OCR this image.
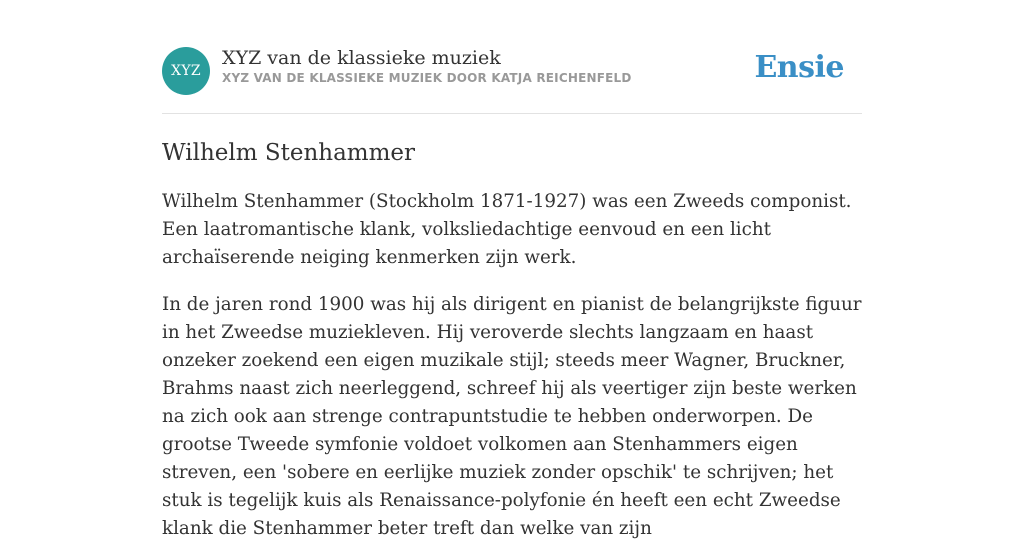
XYZ
XYZ van de klassieke muziek
XYZ VAN DE KLASSIEKE MUZIEK DOOR KATJA REICHENFELD	Ensie
Wilhelm Stenhammer

Wilhelm Stenhammer (Stockholm 1871-1927) was een Zweeds componist. Een laatromantische klank, volksliedachtige eenvoud en een licht archaïserende neiging kenmerken zijn werk.

In de jaren rond 1900 was hij als dirigent en pianist de belangrijkste figuur in het Zweedse muziekleven. Hij veroverde slechts langzaam en haast onzeker zoekend een eigen muzikale stijl; steeds meer Wagner, Bruckner, Brahms naast zich neerleggend, schreef hij als veertiger zijn beste werken na zich ook aan strenge contrapuntstudie te hebben onderworpen. De grootse Tweede symfonie voldoet volkomen aan Stenhammers eigen streven, een 'sobere en eerlijke muziek zonder opschik' te schrijven; het stuk is tegelijk kuis als Renaissance-polyfonie én heeft een echt Zweedse klank die Stenhammer beter treft dan welke van zijn
